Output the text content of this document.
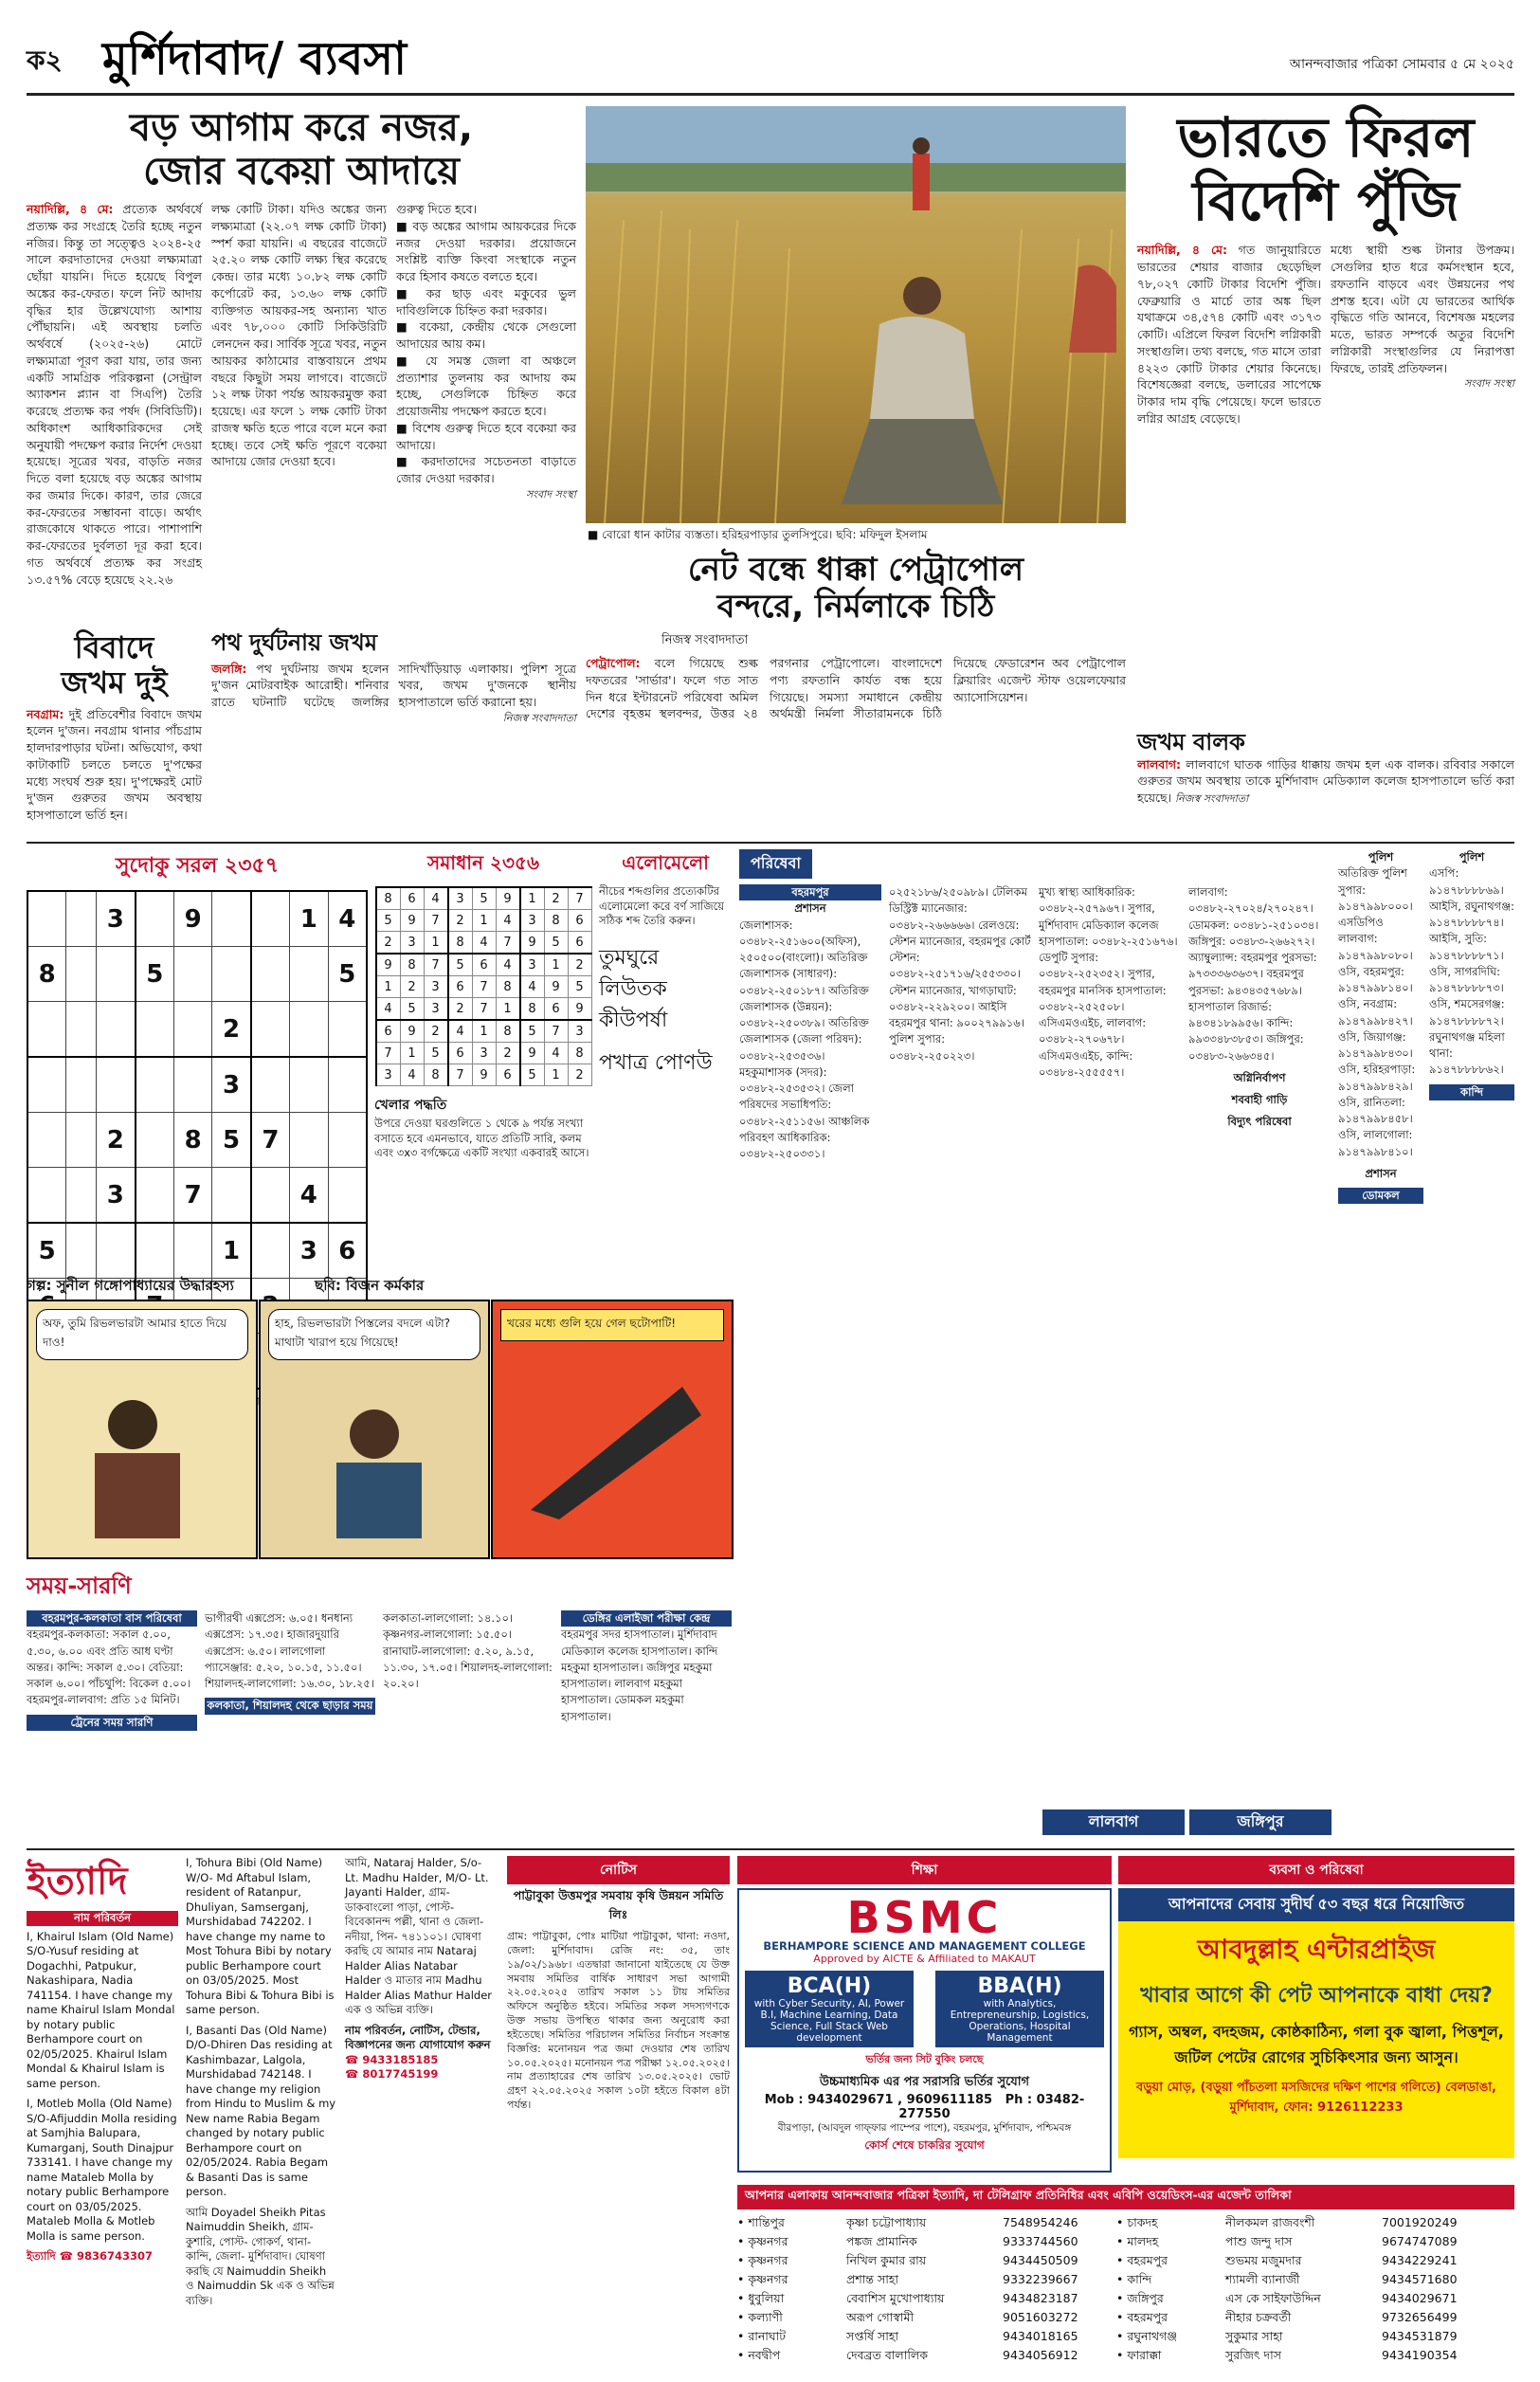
ক২ মুর্শিদাবাদ/ ব্যবসা	আনন্দবাজার পত্রিকা সোমবার ৫ মে ২০২৫
বড় আগাম করে নজর,
জোর বকেয়া আদায়ে
নয়াদিল্লি, ৪ মে: প্রত্যেক অর্থবর্ষে প্রত্যক্ষ কর সংগ্রহে তৈরি হচ্ছে নতুন নজির। কিন্তু তা সত্ত্বেও ২০২৪-২৫ সালে করদাতাদের দেওয়া লক্ষ্যমাত্রা ছোঁয়া যায়নি। দিতে হয়েছে বিপুল অঙ্কের কর-ফেরত। ফলে নিট আদায় বৃদ্ধির হার উল্লেখযোগ্য আশায় পৌঁছায়নি। এই অবস্থায় চলতি অর্থবর্ষে (২০২৫-২৬) মোটে লক্ষ্যমাত্রা পূরণ করা যায়, তার জন্য একটি সামগ্রিক পরিকল্পনা (সেন্ট্রাল অ্যাকশন প্ল্যান বা সিএপি) তৈরি করেছে প্রত্যক্ষ কর পর্ষদ (সিবিডিটি)। অধিকাংশ আধিকারিকদের সেই অনুযায়ী পদক্ষেপ করার নির্দেশ দেওয়া হয়েছে। সূত্রের খবর, বাড়তি নজর দিতে বলা হয়েছে বড় অঙ্কের আগাম কর জমার দিকে। কারণ, তার জেরে কর-ফেরতের সম্ভাবনা বাড়ে। অর্থাৎ রাজকোষে থাকতে পারে। পাশাপাশি কর-ফেরতের দুর্বলতা দূর করা হবে। গত অর্থবর্ষে প্রত্যক্ষ কর সংগ্রহ ১৩.৫৭% বেড়ে হয়েছে ২২.২৬
লক্ষ কোটি টাকা। যদিও অঙ্কের জন্য লক্ষ্যমাত্রা (২২.০৭ লক্ষ কোটি টাকা) স্পর্শ করা যায়নি। এ বছরের বাজেটে ২৫.২০ লক্ষ কোটি লক্ষ্য স্থির করেছে কেন্দ্র। তার মধ্যে ১০.৮২ লক্ষ কোটি কর্পোরেট কর, ১৩.৬০ লক্ষ কোটি ব্যক্তিগত আয়কর-সহ অন্যান্য খাত এবং ৭৮,০০০ কোটি সিকিউরিটি লেনদেন কর। সার্বিক সূত্রে খবর, নতুন আয়কর কাঠামোর বাস্তবায়নে প্রথম বছরে কিছুটা সময় লাগবে। বাজেটে ১২ লক্ষ টাকা পর্যন্ত আয়করমুক্ত করা হয়েছে। এর ফলে ১ লক্ষ কোটি টাকা রাজস্ব ক্ষতি হতে পারে বলে মনে করা হচ্ছে। তবে সেই ক্ষতি পূরণে বকেয়া আদায়ে জোর দেওয়া হবে।
গুরুত্ব দিতে হবে।
■ বড় অঙ্কের আগাম আয়করের দিকে নজর দেওয়া দরকার। প্রয়োজনে সংশ্লিষ্ট ব্যক্তি কিংবা সংস্থাকে নতুন করে হিসাব কষতে বলতে হবে।
■ কর ছাড় এবং মকুবের ভুল দাবিগুলিকে চিহ্নিত করা দরকার।
■ বকেয়া, কেন্দ্রীয় থেকে সেগুলো আদায়ের আয় কম।
■ যে সমস্ত জেলা বা অঞ্চলে প্রত্যাশার তুলনায় কর আদায় কম হচ্ছে, সেগুলিকে চিহ্নিত করে প্রয়োজনীয় পদক্ষেপ করতে হবে।
■ বিশেষ গুরুত্ব দিতে হবে বকেয়া কর আদায়ে।
■ করদাতাদের সচেতনতা বাড়াতে জোর দেওয়া দরকার।
সংবাদ সংস্থা
■ বোরো ধান কাটার ব্যস্ততা। হরিহরপাড়ার তুলসিপুরে। ছবি: মফিদুল ইসলাম
ভারতে ফিরল
বিদেশি পুঁজি
নয়াদিল্লি, ৪ মে: গত জানুয়ারিতে ভারতের শেয়ার বাজার ছেড়েছিল ৭৮,০২৭ কোটি টাকার বিদেশি পুঁজি। ফেব্রুয়ারি ও মার্চে তার অঙ্ক ছিল যথাক্রমে ৩৪,৫৭৪ কোটি এবং ৩১৭৩ কোটি। এপ্রিলে ফিরল বিদেশি লগ্নিকারী সংস্থাগুলি। তথ্য বলছে, গত মাসে তারা ৪২২৩ কোটি টাকার শেয়ার কিনেছে। বিশেষজ্ঞেরা বলছে, ডলারের সাপেক্ষে টাকার দাম বৃদ্ধি পেয়েছে। ফলে ভারতে লগ্নির আগ্রহ বেড়েছে।
মধ্যে স্থায়ী শুল্ক টানার উপক্রম। সেগুলির হাত ধরে কর্মসংস্থান হবে, রফতানি বাড়বে এবং উন্নয়নের পথ প্রশস্ত হবে। এটা যে ভারতের আর্থিক বৃদ্ধিতে গতি আনবে, বিশেষজ্ঞ মহলের মতে, ভারত সম্পর্কে অতুর বিদেশি লগ্নিকারী সংস্থাগুলির যে নিরাপত্তা ফিরছে, তারই প্রতিফলন।
সংবাদ সংস্থা
নেট বন্ধে ধাক্কা পেট্রাপোল
বন্দরে, নির্মলাকে চিঠি
নিজস্ব সংবাদদাতা
পেট্রাপোল: বলে গিয়েছে শুল্ক দফতরের 'সার্ভার'। ফলে গত সাত দিন ধরে ইন্টারনেট পরিষেবা অমিল দেশের বৃহত্তম স্থলবন্দর, উত্তর ২৪ পরগনার পেট্রাপোলে। বাংলাদেশে পণ্য রফতানি কার্যত বন্ধ হয়ে গিয়েছে। সমস্যা সমাধানে কেন্দ্রীয় অর্থমন্ত্রী নির্মলা সীতারামনকে চিঠি দিয়েছে ফেডারেশন অব পেট্রাপোল ক্লিয়ারিং এজেন্ট স্টাফ ওয়েলফেয়ার অ্যাসোসিয়েশন।
বিবাদে
জখম দুই
নবগ্রাম: দুই প্রতিবেশীর বিবাদে জখম হলেন দু'জন। নবগ্রাম থানার পাঁচগ্রাম হালদারপাড়ার ঘটনা। অভিযোগ, কথা কাটাকাটি চলতে চলতে দু'পক্ষের মধ্যে সংঘর্ষ শুরু হয়। দু'পক্ষেরই মোট দু'জন গুরুতর জখম অবস্থায় হাসপাতালে ভর্তি হন।
পথ দুর্ঘটনায় জখম
জলঙ্গি: পথ দুর্ঘটনায় জখম হলেন দু'জন মোটরবাইক আরোহী। শনিবার রাতে ঘটনাটি ঘটেছে জলঙ্গির সাদিখাঁড়িয়াড় এলাকায়। পুলিশ সূত্রে খবর, জখম দু'জনকে স্থানীয় হাসপাতালে ভর্তি করানো হয়।
নিজস্ব সংবাদদাতা
জখম বালক
লালবাগ: লালবাগে ঘাতক গাড়ির ধাক্কায় জখম হল এক বালক। রবিবার সকালে গুরুতর জখম অবস্থায় তাকে মুর্শিদাবাদ মেডিক্যাল কলেজ হাসপাতালে ভর্তি করা হয়েছে। নিজস্ব সংবাদদাতা
সুদোকু সরল ২৩৫৭
		3		9			1	4
8			5					5
					2			
					3			
		2		8	5	7		
		3		7			4	
5					1		3	6

সমাধান ২৩৫৬
8	6	4	3	5	9	1	2	7
5	9	7	2	1	4	3	8	6
2	3	1	8	4	7	9	5	6
9	8	7	5	6	4	3	1	2
1	2	3	6	7	8	4	9	5
4	5	3	2	7	1	8	6	9
6	9	2	4	1	8	5	7	3
7	1	5	6	3	2	9	4	8
3	4	8	7	9	6	5	1	2
খেলার পদ্ধতি
উপরে দেওয়া ঘরগুলিতে ১ থেকে ৯ পর্যন্ত সংখ্যা বসাতে হবে এমনভাবে, যাতে প্রতিটি সারি, কলম এবং ৩x৩ বর্গক্ষেত্রে একটি সংখ্যা একবারই আসে।
এলোমেলো
নীচের শব্দগুলির প্রত্যেকটির এলোমেলো করে বর্ণ সাজিয়ে সঠিক শব্দ তৈরি করুন।
তুমঘুরে লিউতক কীউপর্ষা
পখাত্র পোণউ
পরিষেবা
বহরমপুর
প্রশাসন
জেলাশাসক: ০৩৪৮২-২৫১৬০০(অফিস), ২৫০৫০০(বাংলো)। অতিরিক্ত জেলাশাসক (সাধারণ): ০৩৪৮২-২৫০১৮৭। অতিরিক্ত জেলাশাসক (উন্নয়ন): ০৩৪৮২-২৫০৩৮৯। অতিরিক্ত জেলাশাসক (জেলা পরিষদ): ০৩৪৮২-২৫৩৫৩৬। মহকুমাশাসক (সদর): ০৩৪৮২-২৫৩৫৩২। জেলা পরিষদের সভাধিপতি: ০৩৪৮২-২৫১১৫৬। আঞ্চলিক পরিবহণ আধিকারিক: ০৩৪৮২-২৫০৩৩১।
০২৫২১৮৬/২৫০৯৮৯। টেলিকম ডিস্ট্রিক্ট ম্যানেজার: ০৩৪৮২-২৬৬৬৬৬। রেলওয়ে: স্টেশন ম্যানেজার, বহরমপুর কোর্ট স্টেশন: ০৩৪৮২-২৫১৭১৬/২৫৫৩৩০। স্টেশন ম্যানেজার, খাগড়াঘাট: ০৩৪৮২-২২৯২০০। আইসি বহরমপুর থানা: ৯০০২৭৯৯১৬। পুলিশ সুপার: ০৩৪৮২-২৫০২২৩।
মুখ্য স্বাস্থ্য আধিকারিক: ০৩৪৮২-২৫৭৯৬৭। সুপার, মুর্শিদাবাদ মেডিক্যাল কলেজ হাসপাতাল: ০৩৪৮২-২৫১৬৭৬। ডেপুটি সুপার: ০৩৪৮২-২৫২৩৫২। সুপার, বহরমপুর মানসিক হাসপাতাল: ০৩৪৮২-২৫২৫০৮। এসিএমওএইচ, লালবাগ: ০৩৪৮২-২৭০৬৭৮। এসিএমওএইচ, কান্দি: ০৩৪৮৪-২৫৫৫৫৭।
লালবাগ: ০৩৪৮২-২৭০২৪/২৭০২৪৭। ডোমকল: ০৩৪৮১-২৫১০৩৪। জঙ্গিপুর: ০৩৪৮৩-২৬৬২৭২। অ্যাম্বুল্যান্স: বহরমপুর পুরসভা: ৯৭৩৩৩৬৩৬৩৭। বহরমপুর পুরসভা: ৯৪৩৪৩৫৭৬৮৯। হাসপাতাল রিজার্ভ: ৯৪৩৪১৮৯৯৫৬। কান্দি: ৯৯৩৩৪৮৩৮৫৩। জঙ্গিপুর: ০৩৪৮৩-২৬৬৩৪৫।
অগ্নিনির্বাপণ
শববাহী গাড়ি
বিদ্যুৎ পরিষেবা
লালবাগ	জঙ্গিপুর
পুলিশ
অতিরিক্ত পুলিশ সুপার: ৯১৪৭৯৯৮০০০। এসডিপিও লালবাগ: ৯১৪৭৯৯৮০৮০। ওসি, বহরমপুর: ৯১৪৭৯৯৮১৪০। ওসি, নবগ্রাম: ৯১৪৭৯৯৮৪২৭। ওসি, জিয়াগঞ্জ: ৯১৪৭৯৯৮৪৩০। ওসি, হরিহরপাড়া: ৯১৪৭৯৯৮৪২৯। ওসি, রানিতলা: ৯১৪৭৯৯৮৪৫৮। ওসি, লালগোলা: ৯১৪৭৯৯৮৪১০।
প্রশাসন
ডোমকল
পুলিশ
এসপি: ৯১৪৭৮৮৮৮৬৯। আইসি, রঘুনাথগঞ্জ: ৯১৪৭৮৮৮৮৭৪। আইসি, সুতি: ৯১৪৭৮৮৮৮৭১। ওসি, সাগরদিঘি: ৯১৪৭৮৮৮৮৭৩। ওসি, শমসেরগঞ্জ: ৯১৪৭৮৮৮৮৭২। রঘুনাথগঞ্জ মহিলা থানা: ৯১৪৭৮৮৮৮৬২।
কান্দি
গল্প: সুনীল গঙ্গোপাধ্যায়ের উদ্ধারহস্য	ছবি: বিজন কর্মকার
অফ, তুমি রিভলভারটা আমার হাতে দিয়ে দাও!
হাহ, রিভলভারটা পিস্তলের বদলে এটা? মাথাটা খারাপ হয়ে গিয়েছে!
খরের মধ্যে গুলি হয়ে গেল ছটোপাটি!
সময়-সারণি
বহরমপুর-কলকাতা বাস পরিষেবা
বহরমপুর-কলকাতা: সকাল ৫.০০, ৫.৩০, ৬.০০ এবং প্রতি আধ ঘণ্টা অন্তর। কান্দি: সকাল ৫.৩০। বেতিয়া: সকাল ৬.০০। পাঁচথুপি: বিকেল ৫.০০। বহরমপুর-লালবাগ: প্রতি ১৫ মিনিট।
ট্রেনের সময় সারণি
ভাগীরথী এক্সপ্রেস: ৬.০৫। ধনধান্য এক্সপ্রেস: ১৭.৩৫। হাজারদুয়ারি এক্সপ্রেস: ৬.৫০। লালগোলা প্যাসেঞ্জার: ৫.২০, ১০.১৫, ১১.৫০। শিয়ালদহ-লালগোলা: ১৬.৩০, ১৮.২৫।
কলকাতা, শিয়ালদহ থেকে ছাড়ার সময়
কলকাতা-লালগোলা: ১৪.১০। কৃষ্ণনগর-লালগোলা: ১৫.৫০। রানাঘাট-লালগোলা: ৫.২০, ৯.১৫, ১১.৩০, ১৭.০৫। শিয়ালদহ-লালগোলা: ২০.২০।
ডেঙ্গির এলাইজা পরীক্ষা কেন্দ্র
বহরমপুর সদর হাসপাতাল। মুর্শিদাবাদ মেডিক্যাল কলেজ হাসপাতাল। কান্দি মহকুমা হাসপাতাল। জঙ্গিপুর মহকুমা হাসপাতাল। লালবাগ মহকুমা হাসপাতাল। ডোমকল মহকুমা হাসপাতাল।
ইত্যাদি
নাম পরিবর্তন
I, Khairul Islam (Old Name) S/O-Yusuf residing at Dogachhi, Patpukur, Nakashipara, Nadia 741154. I have change my name Khairul Islam Mondal by notary public Berhampore court on 02/05/2025. Khairul Islam Mondal & Khairul Islam is same person.
I, Motleb Molla (Old Name) S/O-Afijuddin Molla residing at Samjhia Balupara, Kumarganj, South Dinajpur 733141. I have change my name Mataleb Molla by notary public Berhampore court on 03/05/2025. Mataleb Molla & Motleb Molla is same person.
ইত্যাদি ☎ 9836743307
I, Tohura Bibi (Old Name) W/O- Md Aftabul Islam, resident of Ratanpur, Dhuliyan, Samserganj, Murshidabad 742202. I have change my name to Most Tohura Bibi by notary public Berhampore court on 03/05/2025. Most Tohura Bibi & Tohura Bibi is same person.
I, Basanti Das (Old Name) D/O-Dhiren Das residing at Kashimbazar, Lalgola, Murshidabad 742148. I have change my religion from Hindu to Muslim & my New name Rabia Begam changed by notary public Berhampore court on 02/05/2024. Rabia Begam & Basanti Das is same person.
আমি Doyadel Sheikh Pitas Naimuddin Sheikh, গ্রাম- কুশারি, পোস্ট- গোকর্ণ, থানা- কান্দি, জেলা- মুর্শিদাবাদ। ঘোষণা করছি যে Naimuddin Sheikh ও Naimuddin Sk এক ও অভিন্ন ব্যক্তি।
আমি, Nataraj Halder, S/o- Lt. Madhu Halder, M/O- Lt. Jayanti Halder, গ্রাম- ডাকবাংলো পাড়া, পোস্ট- বিবেকানন্দ পল্লী, থানা ও জেলা- নদীয়া, পিন- ৭৪১১০১। ঘোষণা করছি যে আমার নাম Nataraj Halder Alias Natabar Halder ও মাতার নাম Madhu Halder Alias Mathur Halder এক ও অভিন্ন ব্যক্তি।
নাম পরিবর্তন, নোটিস, টেন্ডার, বিজ্ঞাপনের জন্য যোগাযোগ করুন
☎ 9433185185
☎ 8017745199
নোটিস
পাট্টাবুকা উত্তমপুর সমবায় কৃষি উন্নয়ন সমিতি লিঃ
গ্রাম: পাট্টাবুকা, পোঃ মাটিয়া পাট্টাবুকা, থানা: নওদা, জেলা: মুর্শিদাবাদ। রেজি নং: ৩৫, তাং ১৯/০২/১৯৬৮। এতদ্বারা জানানো যাইতেছে যে উক্ত সমবায় সমিতির বার্ষিক সাধারণ সভা আগামী ২২.০৫.২০২৫ তারিখ সকাল ১১ টায় সমিতির অফিসে অনুষ্ঠিত হইবে। সমিতির সকল সদস্যগণকে উক্ত সভায় উপস্থিত থাকার জন্য অনুরোধ করা হইতেছে। সমিতির পরিচালন সমিতির নির্বাচন সংক্রান্ত বিজ্ঞপ্তি: মনোনয়ন পত্র জমা দেওয়ার শেষ তারিখ ১০.০৫.২০২৫। মনোনয়ন পত্র পরীক্ষা ১২.০৫.২০২৫। নাম প্রত্যাহারের শেষ তারিখ ১৩.০৫.২০২৫। ভোট গ্রহণ ২২.০৫.২০২৫ সকাল ১০টা হইতে বিকাল ৪টা পর্যন্ত।
শিক্ষা
BSMC
BERHAMPORE SCIENCE AND MANAGEMENT COLLEGE
Approved by AICTE & Affiliated to MAKAUT
BCA(H)
with Cyber Security, AI, Power B.I, Machine Learning, Data Science, Full Stack Web development
BBA(H)
with Analytics, Entrepreneurship, Logistics, Operations, Hospital Management
ভর্তির জন্য সিট বুকিং চলছে
উচ্চমাধ্যমিক এর পর সরাসরি ভর্তির সুযোগ
Mob : 9434029671 , 9609611185 Ph : 03482-277550
বীরপাড়া, (আবদুল গাফ্ফার পাম্পের পাশে), বহরমপুর, মুর্শিদাবাদ, পশ্চিমবঙ্গ
কোর্স শেষে চাকরির সুযোগ
ব্যবসা ও পরিষেবা
আপনাদের সেবায় সুদীর্ঘ ৫৩ বছর ধরে নিয়োজিত
আবদুল্লাহ এন্টারপ্রাইজ
খাবার আগে কী পেট আপনাকে বাধা দেয়?
গ্যাস, অম্বল, বদহজম, কোষ্ঠকাঠিন্য, গলা বুক জ্বালা, পিত্তশূল, জটিল পেটের রোগের সুচিকিৎসার জন্য আসুন।
বড়ুয়া মোড়, (বড়ুয়া পাঁচতলা মসজিদের দক্ষিণ পাশের গলিতে) বেলডাঙা, মুর্শিদাবাদ, ফোন: 9126112233
আপনার এলাকায় আনন্দবাজার পত্রিকা ইত্যাদি, দা টেলিগ্রাফ প্রতিনিধির এবং এবিপি ওয়েডিংস-এর এজেন্ট তালিকা
• শান্তিপুর	কৃষ্ণা চট্টোপাধ্যায়	7548954246
• কৃষ্ণনগর	পঙ্কজ প্রামানিক	9333744560
• কৃষ্ণনগর	নিখিল কুমার রায়	9434450509
• কৃষ্ণনগর	প্রশান্ত সাহা	9332239667
• ধুবুলিয়া	বেবাশিস মুখোপাধ্যায়	9434823187
• কল্যাণী	অরূপ গোস্বামী	9051603272
• রানাঘাট	সপ্তর্ষি সাহা	9434018165
• নবদ্বীপ	দেবব্রত বালালিক	9434056912
• চাকদহ	নীলকমল রাজবংশী	7001920249
• মালদহ	পাশু জন্দু দাস	9674747089
• বহরমপুর	শুভময় মজুমদার	9434229241
• কান্দি	শ্যামলী ব্যানার্জী	9434571680
• জঙ্গিপুর	এস কে সাইফাউদ্দিন	9434029671
• বহরমপুর	নীহার চক্রবর্তী	9732656499
• রঘুনাথগঞ্জ	সুকুমার সাহা	9434531879
• ফারাক্কা	সুরজিৎ দাস	9434190354
